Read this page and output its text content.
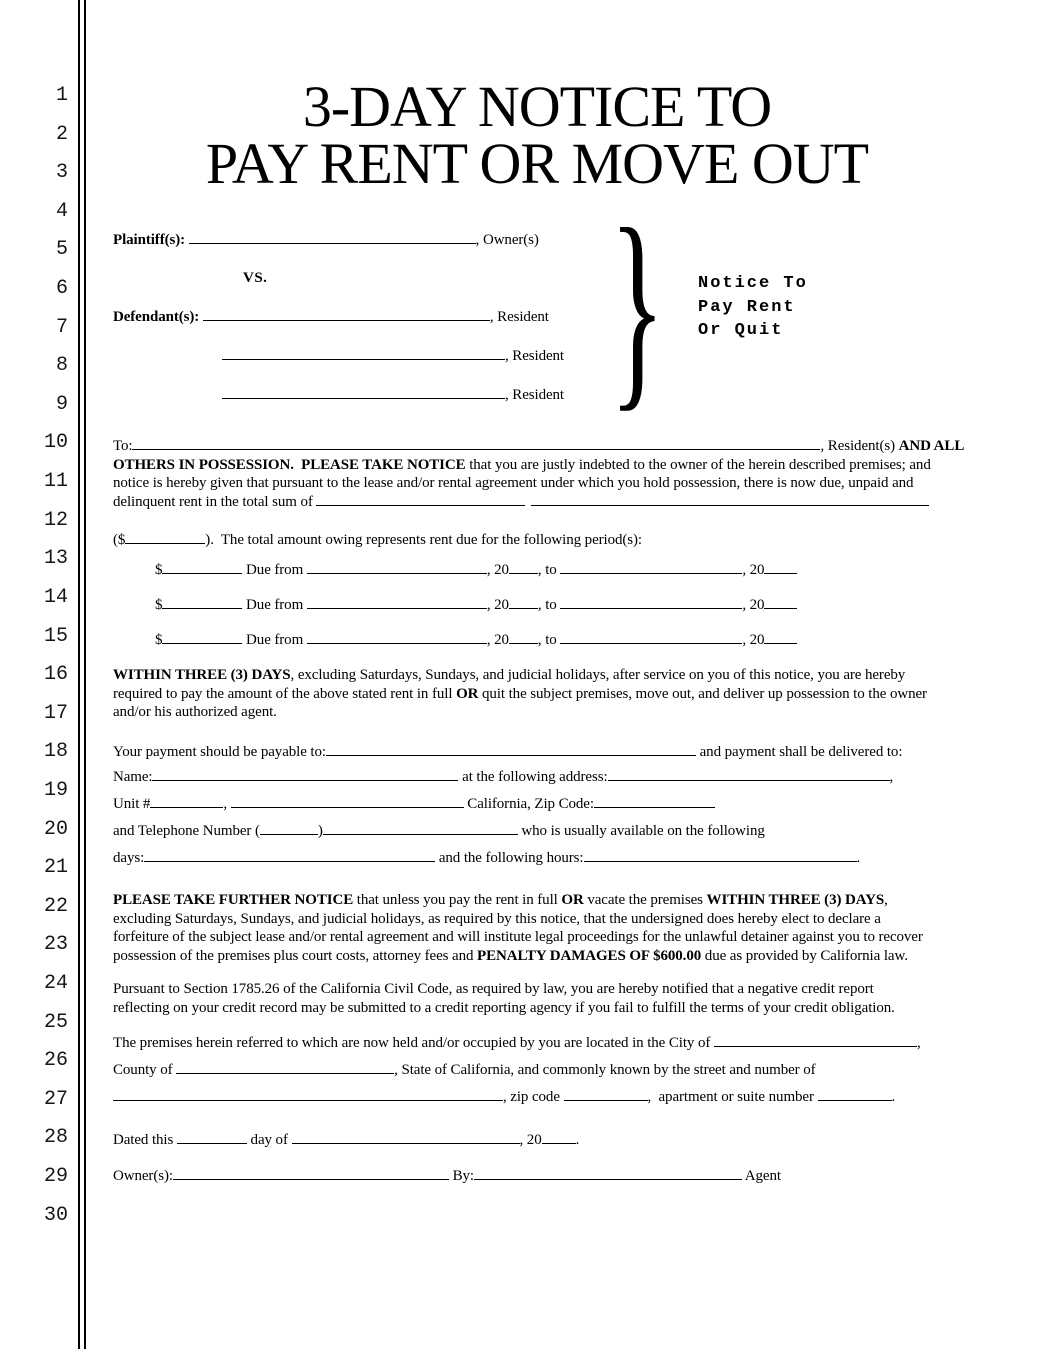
1
2
3
4
5
6
7
8
9
10
11
12
13
14
15
16
17
18
19
20
21
22
23
24
25
26
27
28
29
30
3-DAY NOTICE TO
PAY RENT OR MOVE OUT
Plaintiff(s):	, Owner(s)
VS.
Defendant(s):	, Resident
, Resident
, Resident } Notice To
Pay Rent
Or Quit
To:	, Resident(s) AND ALL
OTHERS IN POSSESSION.  PLEASE TAKE NOTICE that you are justly indebted to the owner of the herein described premises; and
notice is hereby given that pursuant to the lease and/or rental agreement under which you hold possession, there is now due, unpaid and
delinquent rent in the total sum of
($	).  The total amount owing represents rent due for the following period(s):
$	Due from	, 20 , to	, 20
$	Due from	, 20 , to	, 20
$	Due from	, 20 , to	, 20
WITHIN THREE (3) DAYS, excluding Saturdays, Sundays, and judicial holidays, after service on you of this notice, you are hereby
required to pay the amount of the above stated rent in full OR quit the subject premises, move out, and deliver up possession to the owner
and/or his authorized agent.
Your payment should be payable to:	and payment shall be delivered to:
Name:	at the following address:	,
Unit #	,	California, Zip Code:
and Telephone Number (	)	who is usually available on the following
days:	and the following hours:	.
PLEASE TAKE FURTHER NOTICE that unless you pay the rent in full OR vacate the premises WITHIN THREE (3) DAYS,
excluding Saturdays, Sundays, and judicial holidays, as required by this notice, that the undersigned does hereby elect to declare a
forfeiture of the subject lease and/or rental agreement and will institute legal proceedings for the unlawful detainer against you to recover
possession of the premises plus court costs, attorney fees and PENALTY DAMAGES OF $600.00 due as provided by California law.
Pursuant to Section 1785.26 of the California Civil Code, as required by law, you are hereby notified that a negative credit report
reflecting on your credit record may be submitted to a credit reporting agency if you fail to fulfill the terms of your credit obligation.
The premises herein referred to which are now held and/or occupied by you are located in the City of	,
County of	, State of California, and commonly known by the street and number of
, zip code	,  apartment or suite number	.
Dated this	day of	, 20 .
Owner(s):	By:	Agent
